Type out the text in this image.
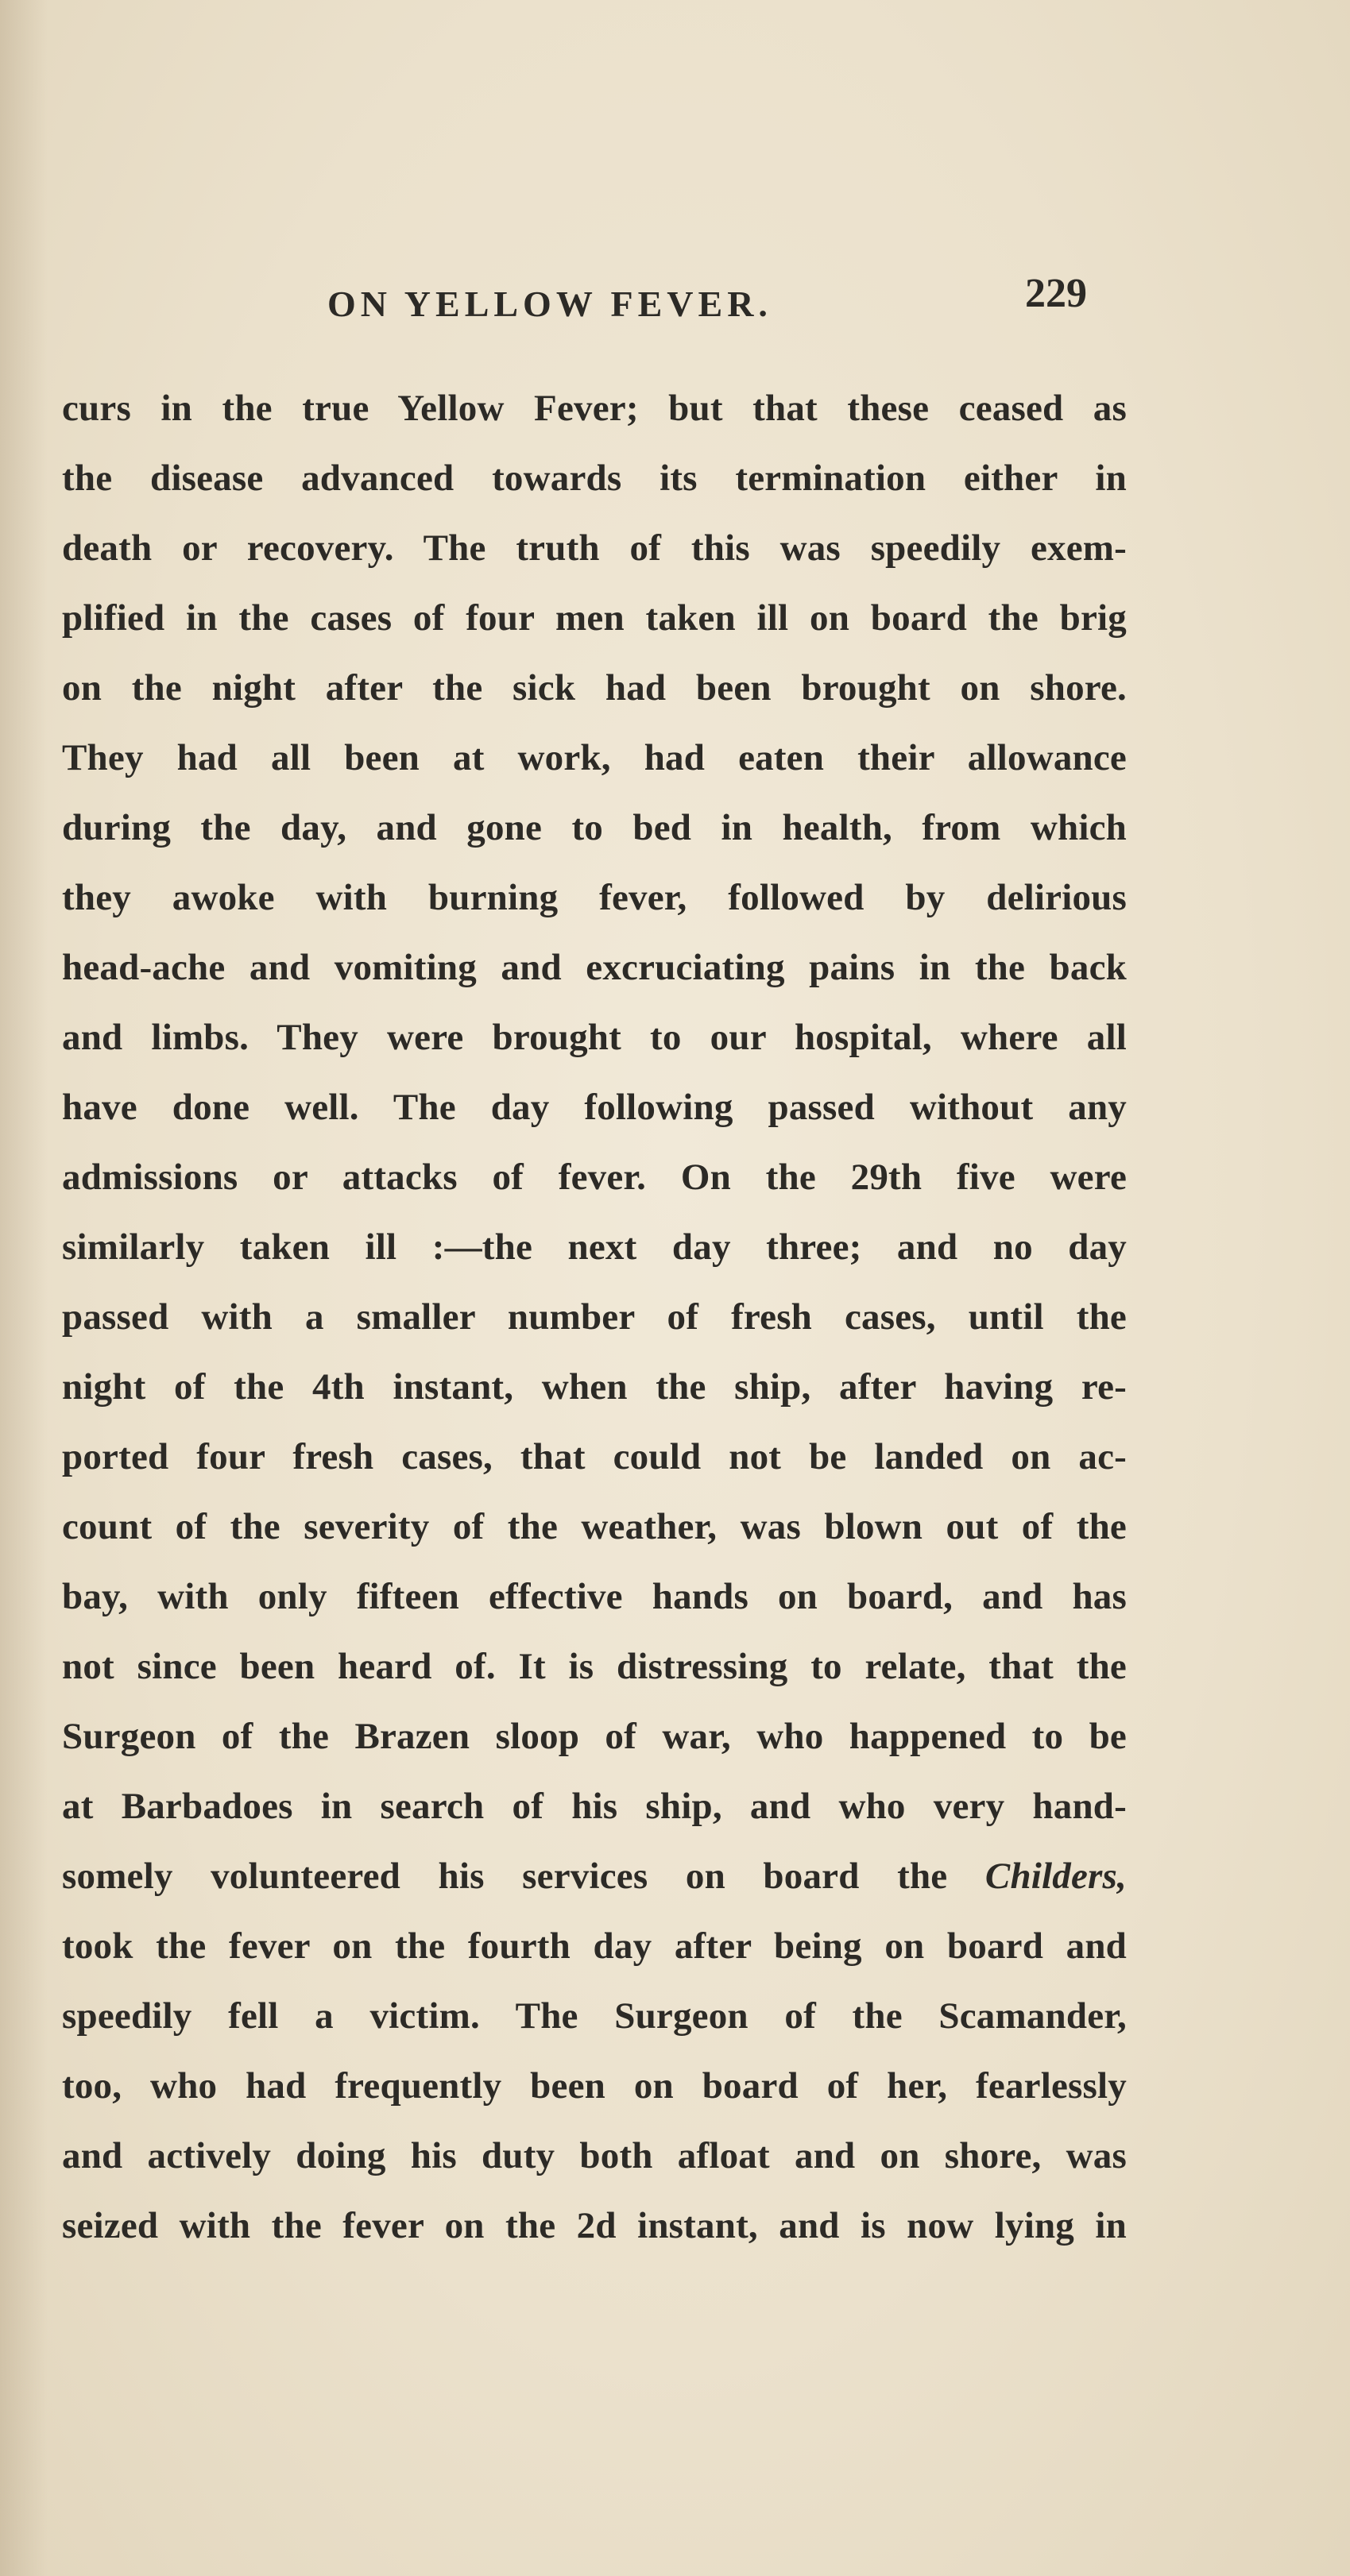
ON YELLOW FEVER.	229
curs in the true Yellow Fever; but that these ceased as
the disease advanced towards its termination either in
death or recovery. The truth of this was speedily exem-
plified in the cases of four men taken ill on board the brig
on the night after the sick had been brought on shore.
They had all been at work, had eaten their allowance
during the day, and gone to bed in health, from which
they awoke with burning fever, followed by delirious
head-ache and vomiting and excruciating pains in the back
and limbs. They were brought to our hospital, where all
have done well. The day following passed without any
admissions or attacks of fever. On the 29th five were
similarly taken ill :—the next day three; and no day
passed with a smaller number of fresh cases, until the
night of the 4th instant, when the ship, after having re-
ported four fresh cases, that could not be landed on ac-
count of the severity of the weather, was blown out of the
bay, with only fifteen effective hands on board, and has
not since been heard of. It is distressing to relate, that the
Surgeon of the Brazen sloop of war, who happened to be
at Barbadoes in search of his ship, and who very hand-
somely volunteered his services on board the Childers,
took the fever on the fourth day after being on board and
speedily fell a victim. The Surgeon of the Scamander,
too, who had frequently been on board of her, fearlessly
and actively doing his duty both afloat and on shore, was
seized with the fever on the 2d instant, and is now lying in
